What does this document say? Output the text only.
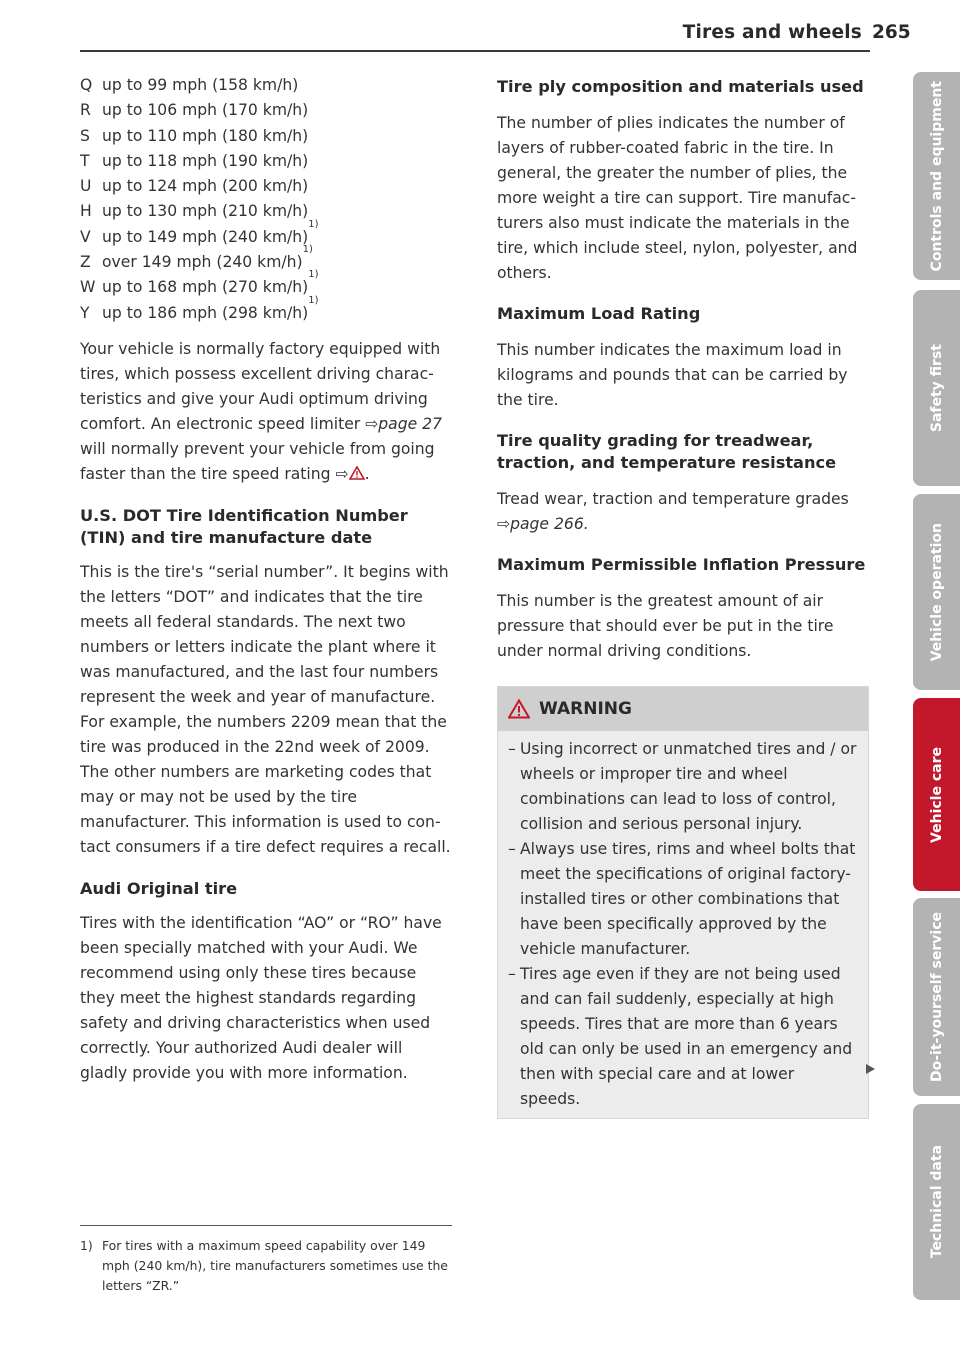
Tires and wheels 265
Q up to 99 mph (158 km/h)
R up to 106 mph (170 km/h)
S up to 110 mph (180 km/h)
T up to 118 mph (190 km/h)
U up to 124 mph (200 km/h)
H up to 130 mph (210 km/h)
V up to 149 mph (240 km/h)
1)
Z over 149 mph (240 km/h)
1)
W up to 168 mph (270 km/h)
1)
Y up to 186 mph (298 km/h)
1)

Your vehicle is normally factory equipped with tires, which possess excellent driving characteristics and give your Audi optimum driving comfort. An electronic speed limiter ⇨page 27 will normally prevent your vehicle from going faster than the tire speed rating ⇨ .

U.S. DOT Tire Identification Number (TIN) and tire manufacture date

This is the tire's “serial number”. It begins with the letters “DOT” and indicates that the tire meets all federal standards. The next two numbers or letters indicate the plant where it was manufactured, and the last four numbers represent the week and year of manufacture. For example, the numbers 2209 mean that the tire was produced in the 22nd week of 2009. The other numbers are marketing codes that may or may not be used by the tire manufacturer. This information is used to contact consumers if a tire defect requires a recall.

Audi Original tire

Tires with the identification “AO” or “RO” have been specially matched with your Audi. We recommend using only these tires because they meet the highest standards regarding safety and driving characteristics when used correctly. Your authorized Audi dealer will gladly provide you with more information.

Tire ply composition and materials used

The number of plies indicates the number of layers of rubber-coated fabric in the tire. In general, the greater the number of plies, the more weight a tire can support. Tire manufacturers also must indicate the materials in the tire, which include steel, nylon, polyester, and others.

Maximum Load Rating

This number indicates the maximum load in kilograms and pounds that can be carried by the tire.

Tire quality grading for treadwear, traction, and temperature resistance

Tread wear, traction and temperature grades
⇨page 266.

Maximum Permissible Inflation Pressure

This number is the greatest amount of air pressure that should ever be put in the tire under normal driving conditions.

WARNING
– Using incorrect or unmatched tires and / or wheels or improper tire and wheel combinations can lead to loss of control, collision and serious personal injury.
– Always use tires, rims and wheel bolts that meet the specifications of original factory-installed tires or other combinations that have been specifically approved by the vehicle manufacturer.
– Tires age even if they are not being used and can fail suddenly, especially at high speeds. Tires that are more than 6 years old can only be used in an emergency and then with special care and at lower speeds.
1) For tires with a maximum speed capability over 149 mph (240 km/h), tire manufacturers sometimes use the letters “ZR.”
Controls and equipment
Safety first
Vehicle operation
Vehicle care
Do-it-yourself service
Technical data
